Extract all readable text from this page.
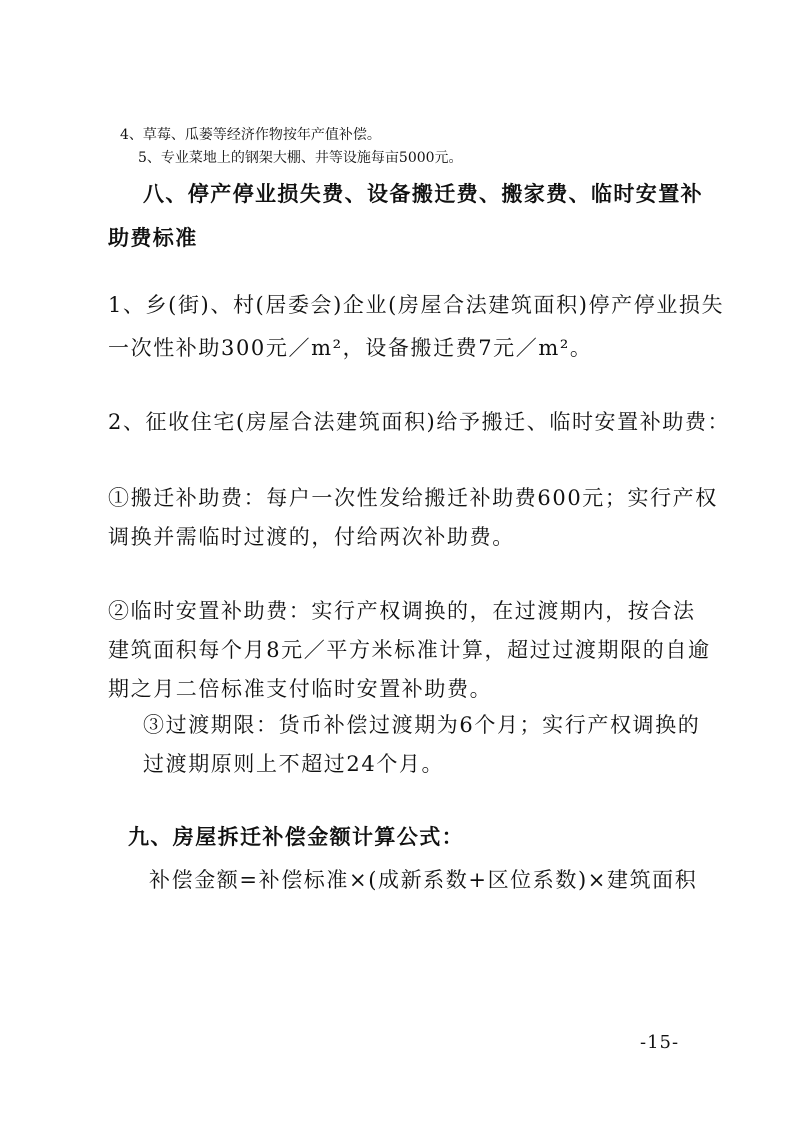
4、草莓、瓜蒌等经济作物按年产值补偿。

5、专业菜地上的钢架大棚、井等设施每亩5000元。

八、停产停业损失费、设备搬迁费、搬家费、临时安置补
助费标准

1、乡(街)、村(居委会)企业(房屋合法建筑面积)停产停业损失

一次性补助300元／m²，设备搬迁费7元／m²。

2、征收住宅(房屋合法建筑面积)给予搬迁、临时安置补助费：

①搬迁补助费：每户一次性发给搬迁补助费600元；实行产权

调换并需临时过渡的，付给两次补助费。

②临时安置补助费：实行产权调换的，在过渡期内，按合法

建筑面积每个月8元／平方米标准计算，超过过渡期限的自逾

期之月二倍标准支付临时安置补助费。

③过渡期限：货币补偿过渡期为6个月；实行产权调换的

过渡期原则上不超过24个月。

九、房屋拆迁补偿金额计算公式：

补偿金额=补偿标准×(成新系数+区位系数)×建筑面积

-15-
